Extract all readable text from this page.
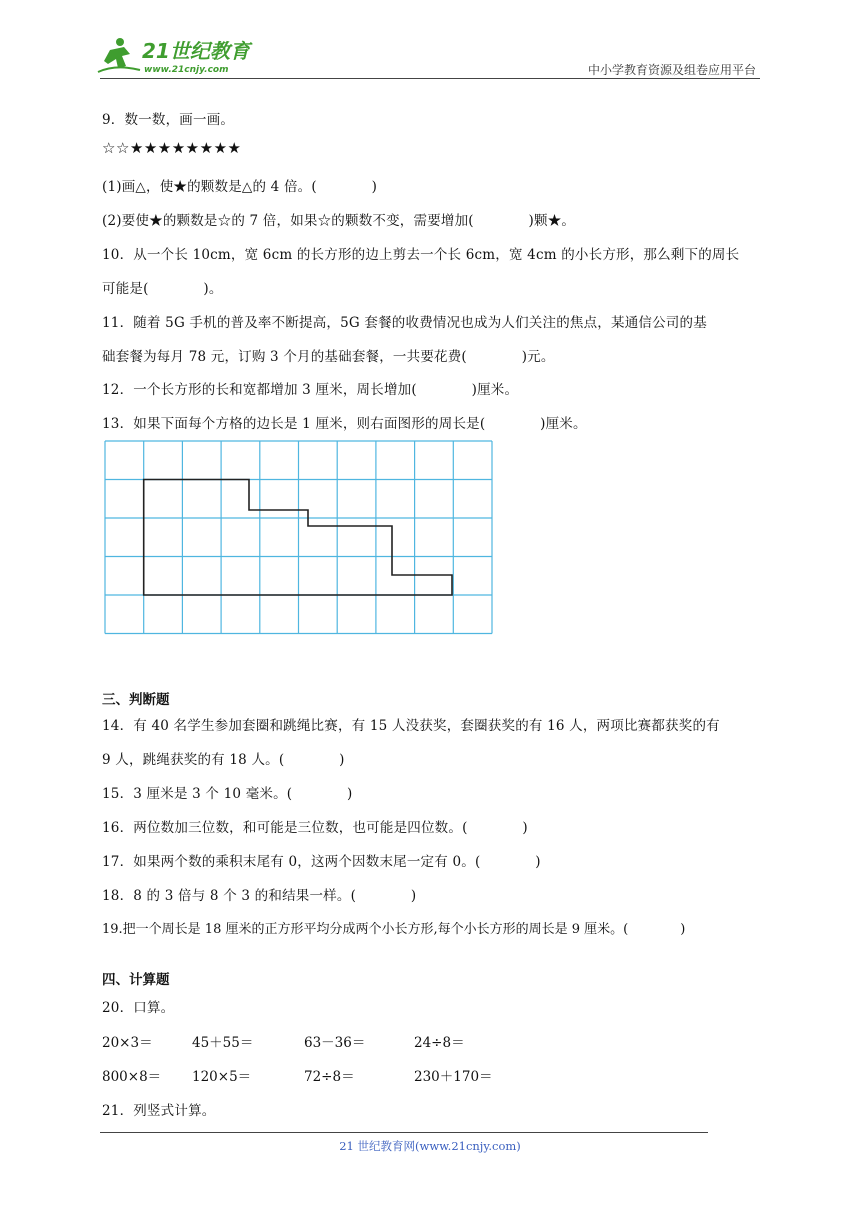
21世纪教育
www.21cnjy.com	中小学教育资源及组卷应用平台
9．数一数，画一画。
☆☆★★★★★★★★
(1)画△，使★的颗数是△的 4 倍。(　　　　)
(2)要使★的颗数是☆的 7 倍，如果☆的颗数不变，需要增加(　　　　)颗★。
10．从一个长 10cm，宽 6cm 的长方形的边上剪去一个长 6cm，宽 4cm 的小长方形，那么剩下的周长
可能是(　　　　)。
11．随着 5G 手机的普及率不断提高，5G 套餐的收费情况也成为人们关注的焦点，某通信公司的基
础套餐为每月 78 元，订购 3 个月的基础套餐，一共要花费(　　　　)元。
12．一个长方形的长和宽都增加 3 厘米，周长增加(　　　　)厘米。
13．如果下面每个方格的边长是 1 厘米，则右面图形的周长是(　　　　)厘米。
三、判断题
14．有 40 名学生参加套圈和跳绳比赛，有 15 人没获奖，套圈获奖的有 16 人，两项比赛都获奖的有
9 人，跳绳获奖的有 18 人。(　　　　)
15．3 厘米是 3 个 10 毫米。(　　　　)
16．两位数加三位数，和可能是三位数，也可能是四位数。(　　　　)
17．如果两个数的乘积末尾有 0，这两个因数末尾一定有 0。(　　　　)
18．8 的 3 倍与 8 个 3 的和结果一样。(　　　　)
19.把一个周长是 18 厘米的正方形平均分成两个小长方形,每个小长方形的周长是 9 厘米。(　　　　)
四、计算题
20．口算。
20×3＝	45＋55＝	63－36＝	24÷8＝
800×8＝ 120×5＝	72÷8＝	230＋170＝
21．列竖式计算。
21 世纪教育网(www.21cnjy.com)
